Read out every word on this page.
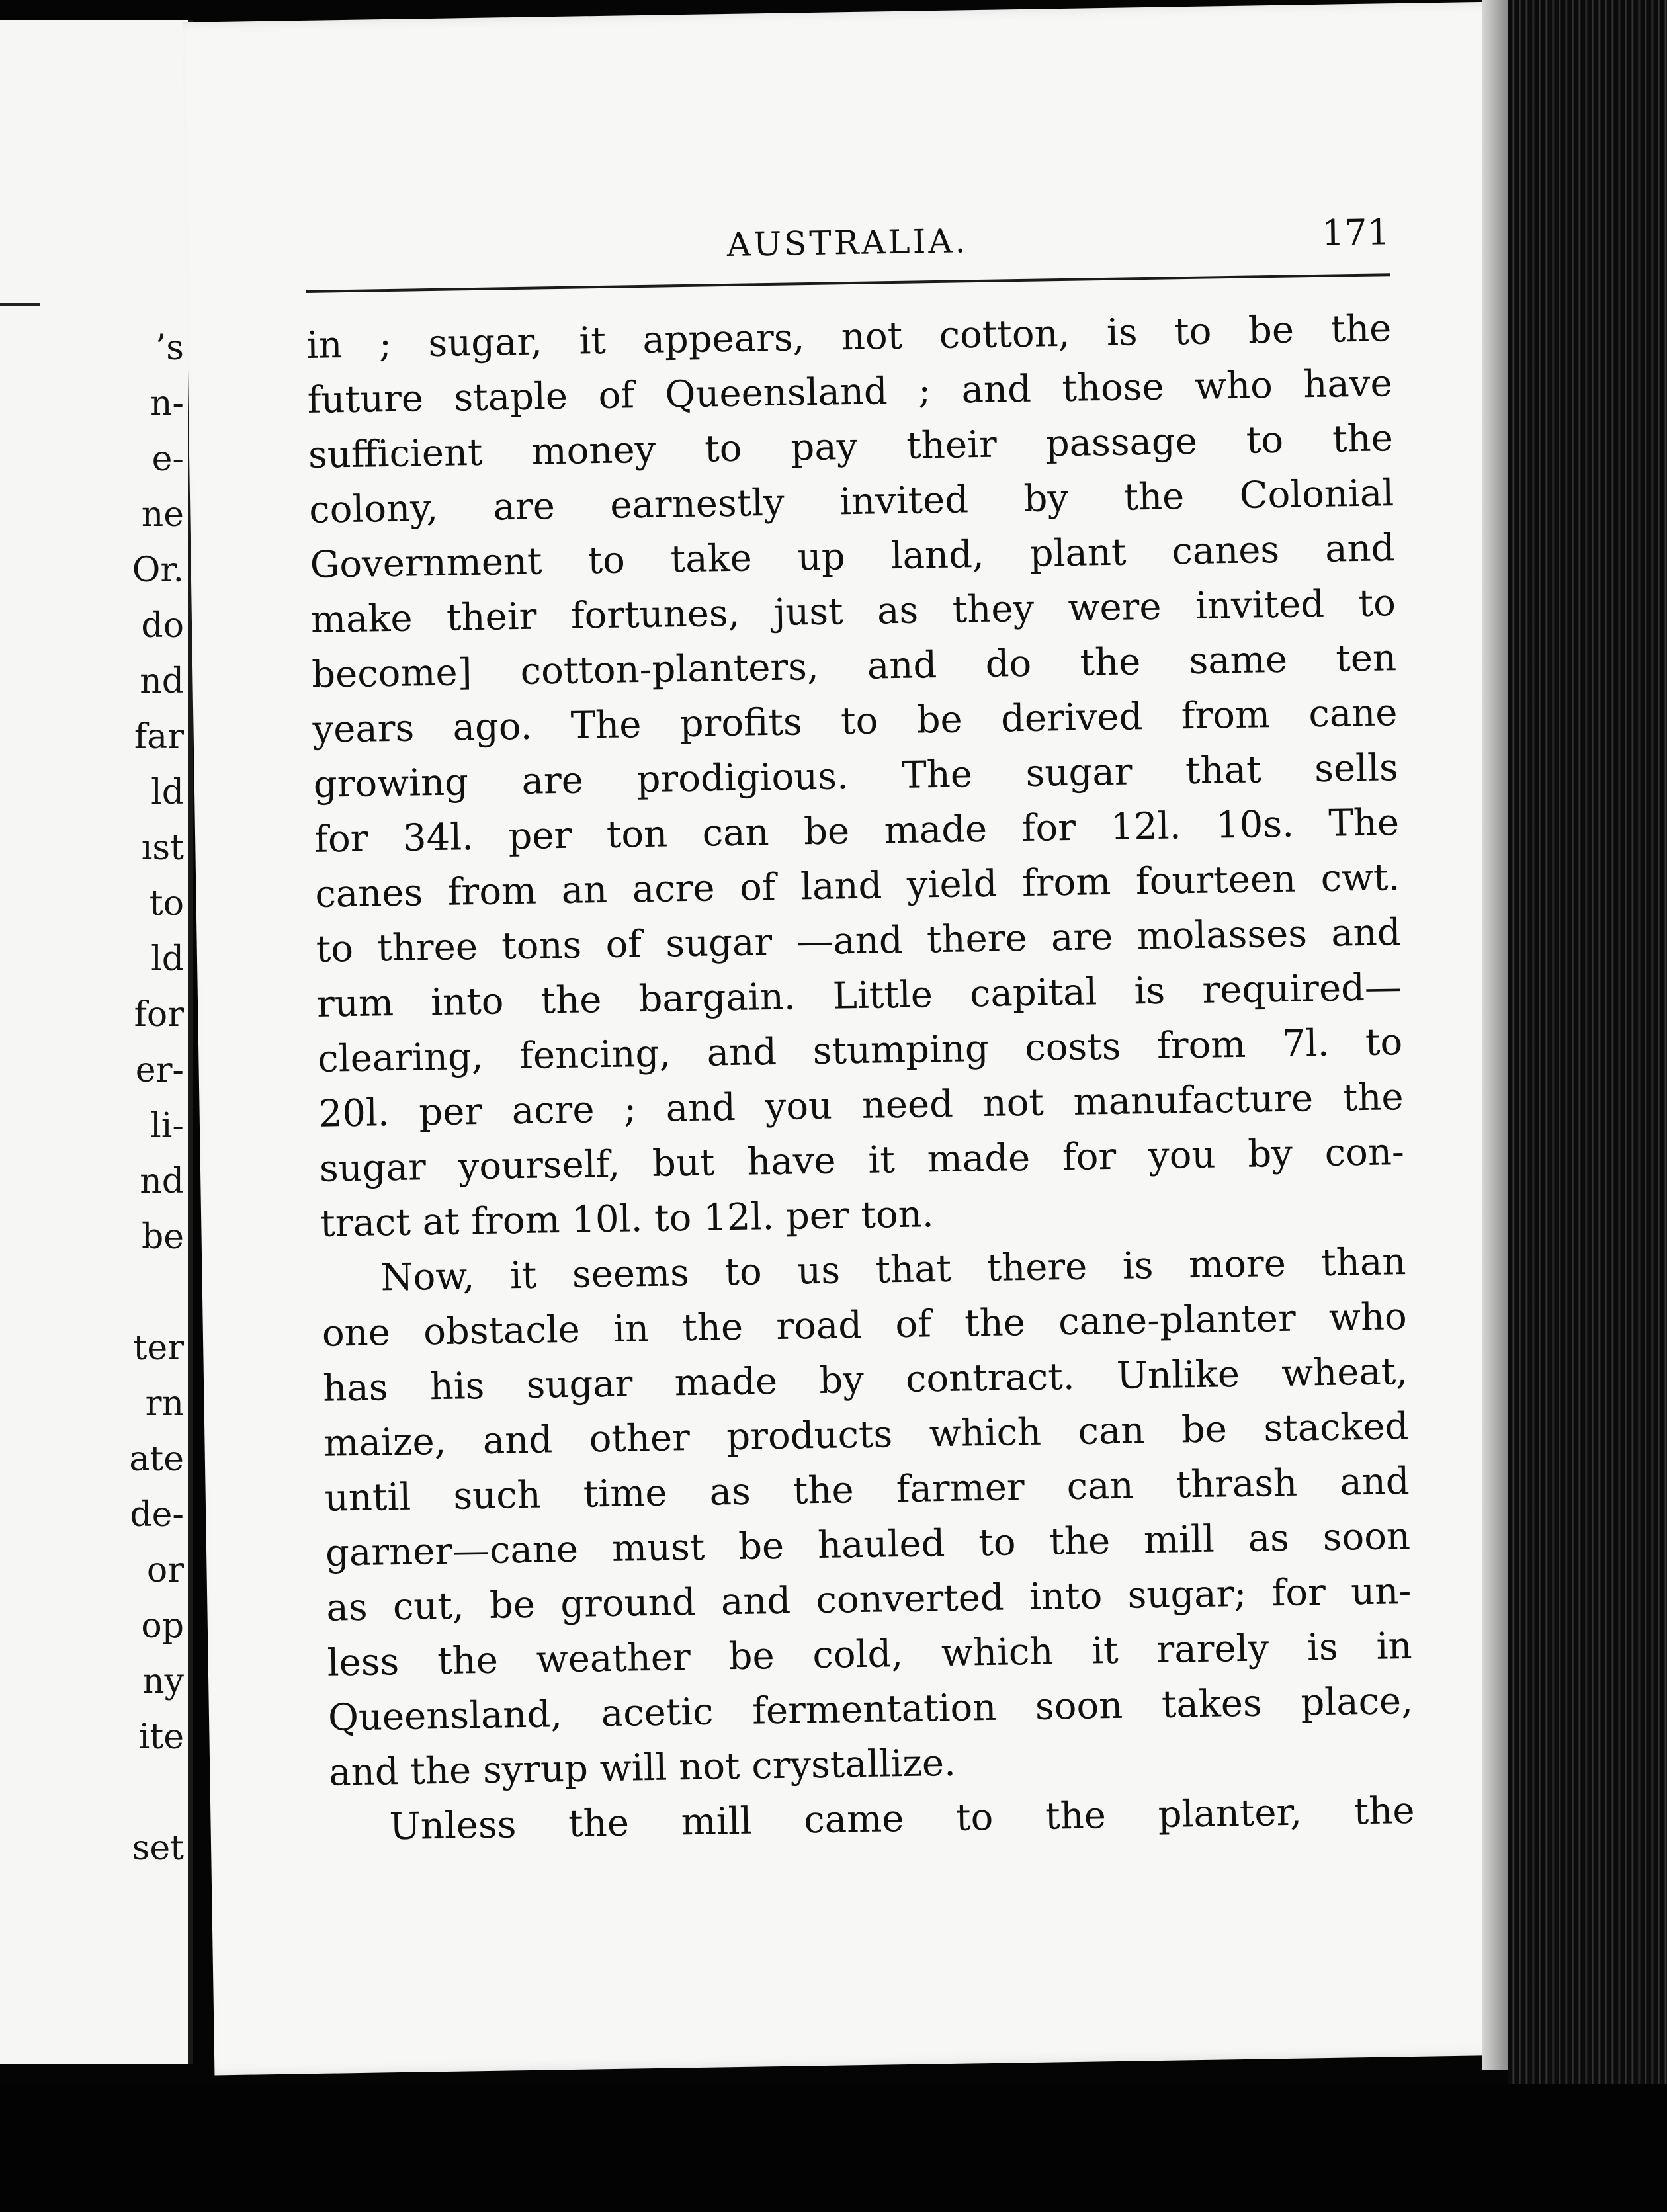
’s
n-
e-
ne
Or.
do
nd
far
ld
ıst
to
ld
for
er-
li-
nd
be
ter
rn
ate
de-
or
op
ny
ite
set
AUSTRALIA.	171
in ; sugar, it appears, not cotton, is to be the
future staple of Queensland ; and those who have
sufficient money to pay their passage to the
colony, are earnestly invited by the Colonial
Government to take up land, plant canes and
make their fortunes, just as they were invited to
become] cotton-planters, and do the same ten
years ago. The profits to be derived from cane
growing are prodigious. The sugar that sells
for 34l. per ton can be made for 12l. 10s. The
canes from an acre of land yield from fourteen cwt.
to three tons of sugar —and there are molasses and
rum into the bargain. Little capital is required—
clearing, fencing, and stumping costs from 7l. to
20l. per acre ; and you need not manufacture the
sugar yourself, but have it made for you by con-
tract at from 10l. to 12l. per ton.
Now, it seems to us that there is more than
one obstacle in the road of the cane-planter who
has his sugar made by contract. Unlike wheat,
maize, and other products which can be stacked
until such time as the farmer can thrash and
garner—cane must be hauled to the mill as soon
as cut, be ground and converted into sugar; for un-
less the weather be cold, which it rarely is in
Queensland, acetic fermentation soon takes place,
and the syrup will not crystallize.
Unless the mill came to the planter, the
